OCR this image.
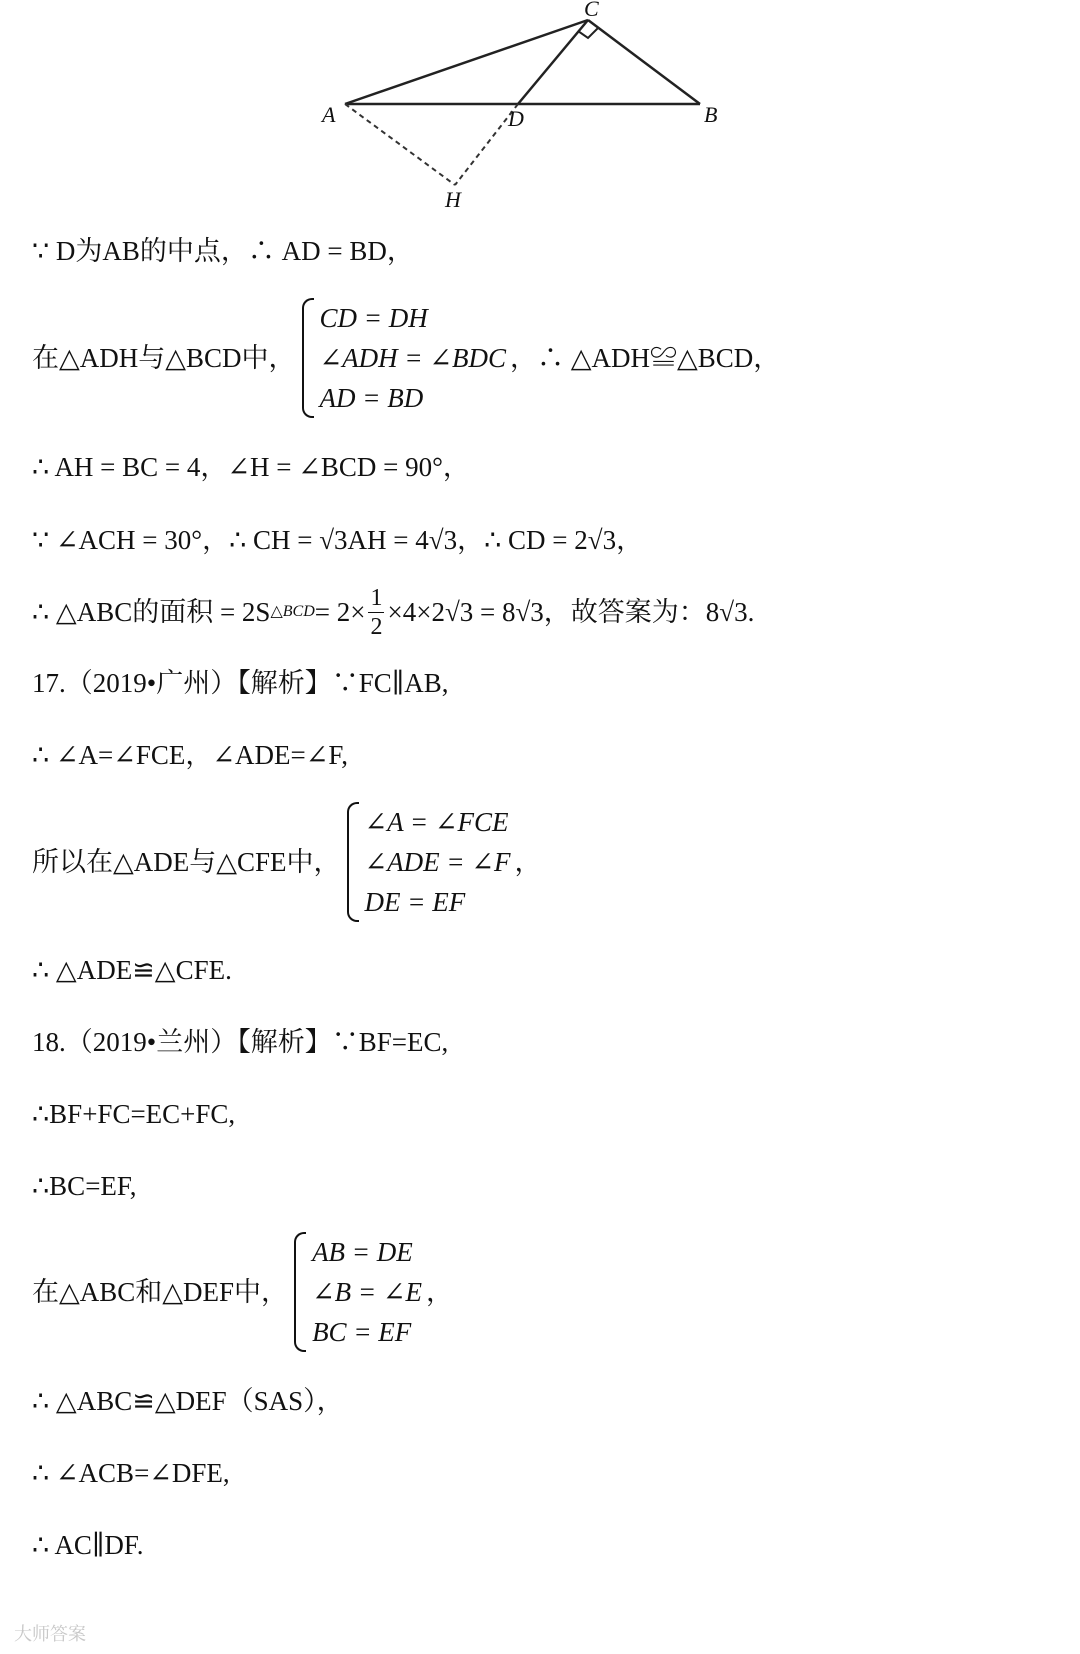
A	B
C
D
H
∵ D为AB的中点，∴ AD = BD，
在△ADH与△BCD中，
CD = DH
∠ADH = ∠BDC
AD = BD
，∴ △ADH≌△BCD，
∴ AH = BC = 4，∠H = ∠BCD = 90°，
∵ ∠ACH = 30°，∴ CH = √3AH = 4√3，∴ CD = 2√3，
∴ △ABC的面积 = 2S △BCD = $2\times \frac{1}{2} \times 4\times 2√3 = 8√3$，故答案为：8√3.
17.（2019•广州）【解析】∵FC∥AB,
∴ ∠A=∠FCE，∠ADE=∠F,
所以在△ADE与△CFE中，
∠A = ∠FCE
∠ADE = ∠F
DE = EF
，
∴ △ADE≌△CFE.
18.（2019•兰州）【解析】∵BF=EC,
∴BF+FC=EC+FC,
∴BC=EF,
在△ABC和△DEF中，
AB = DE
∠B = ∠E
BC = EF
，
∴ △ABC≌△DEF（SAS），
∴ ∠ACB=∠DFE,
∴ AC∥DF.
大师答案
